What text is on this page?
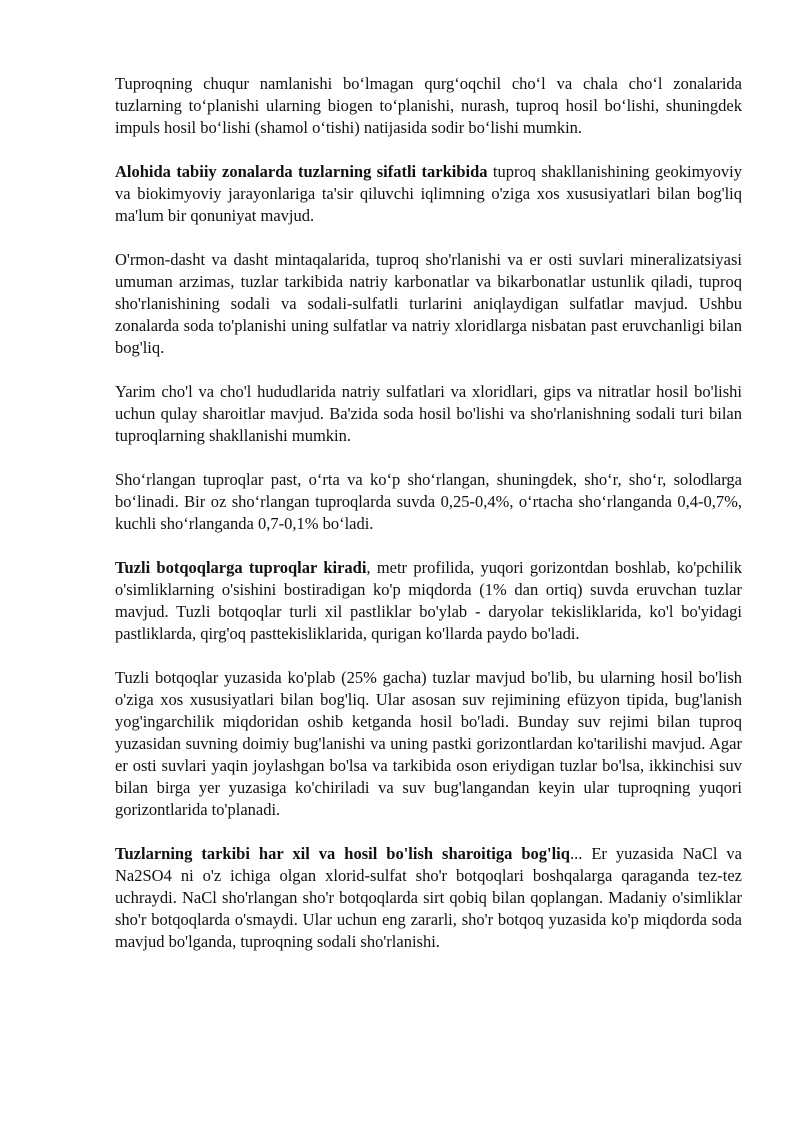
Tuproqning chuqur namlanishi boʻlmagan qurgʻoqchil choʻl va chala choʻl zonalarida tuzlarning toʻplanishi ularning biogen toʻplanishi, nurash, tuproq hosil boʻlishi, shuningdek impuls hosil boʻlishi (shamol oʻtishi) natijasida sodir boʻlishi mumkin.

Alohida tabiiy zonalarda tuzlarning sifatli tarkibida tuproq shakllanishining geokimyoviy va biokimyoviy jarayonlariga ta'sir qiluvchi iqlimning o'ziga xos xususiyatlari bilan bog'liq ma'lum bir qonuniyat mavjud.

O'rmon-dasht va dasht mintaqalarida, tuproq sho'rlanishi va er osti suvlari mineralizatsiyasi umuman arzimas, tuzlar tarkibida natriy karbonatlar va bikarbonatlar ustunlik qiladi, tuproq sho'rlanishining sodali va sodali-sulfatli turlarini aniqlaydigan sulfatlar mavjud. Ushbu zonalarda soda to'planishi uning sulfatlar va natriy xloridlarga nisbatan past eruvchanligi bilan bog'liq.

Yarim cho'l va cho'l hududlarida natriy sulfatlari va xloridlari, gips va nitratlar hosil bo'lishi uchun qulay sharoitlar mavjud. Ba'zida soda hosil bo'lishi va sho'rlanishning sodali turi bilan tuproqlarning shakllanishi mumkin.

Shoʻrlangan tuproqlar past, oʻrta va koʻp shoʻrlangan, shuningdek, shoʻr, shoʻr, solodlarga boʻlinadi. Bir oz shoʻrlangan tuproqlarda suvda 0,25-0,4%, oʻrtacha shoʻrlanganda 0,4-0,7%, kuchli shoʻrlanganda 0,7-0,1% boʻladi.

Tuzli botqoqlarga tuproqlar kiradi, metr profilida, yuqori gorizontdan boshlab, ko'pchilik o'simliklarning o'sishini bostiradigan ko'p miqdorda (1% dan ortiq) suvda eruvchan tuzlar mavjud. Tuzli botqoqlar turli xil pastliklar bo'ylab - daryolar tekisliklarida, ko'l bo'yidagi pastliklarda, qirg'oq pasttekisliklarida, qurigan ko'llarda paydo bo'ladi.

Tuzli botqoqlar yuzasida ko'plab (25% gacha) tuzlar mavjud bo'lib, bu ularning hosil bo'lish o'ziga xos xususiyatlari bilan bog'liq. Ular asosan suv rejimining efüzyon tipida, bug'lanish yog'ingarchilik miqdoridan oshib ketganda hosil bo'ladi. Bunday suv rejimi bilan tuproq yuzasidan suvning doimiy bug'lanishi va uning pastki gorizontlardan ko'tarilishi mavjud. Agar er osti suvlari yaqin joylashgan bo'lsa va tarkibida oson eriydigan tuzlar bo'lsa, ikkinchisi suv bilan birga yer yuzasiga ko'chiriladi va suv bug'langandan keyin ular tuproqning yuqori gorizontlarida to'planadi.

Tuzlarning tarkibi har xil va hosil bo'lish sharoitiga bog'liq... Er yuzasida NaCl va Na2SO4 ni o'z ichiga olgan xlorid-sulfat sho'r botqoqlari boshqalarga qaraganda tez-tez uchraydi. NaCl sho'rlangan sho'r botqoqlarda sirt qobiq bilan qoplangan. Madaniy o'simliklar sho'r botqoqlarda o'smaydi. Ular uchun eng zararli, sho'r botqoq yuzasida ko'p miqdorda soda mavjud bo'lganda, tuproqning sodali sho'rlanishi.
